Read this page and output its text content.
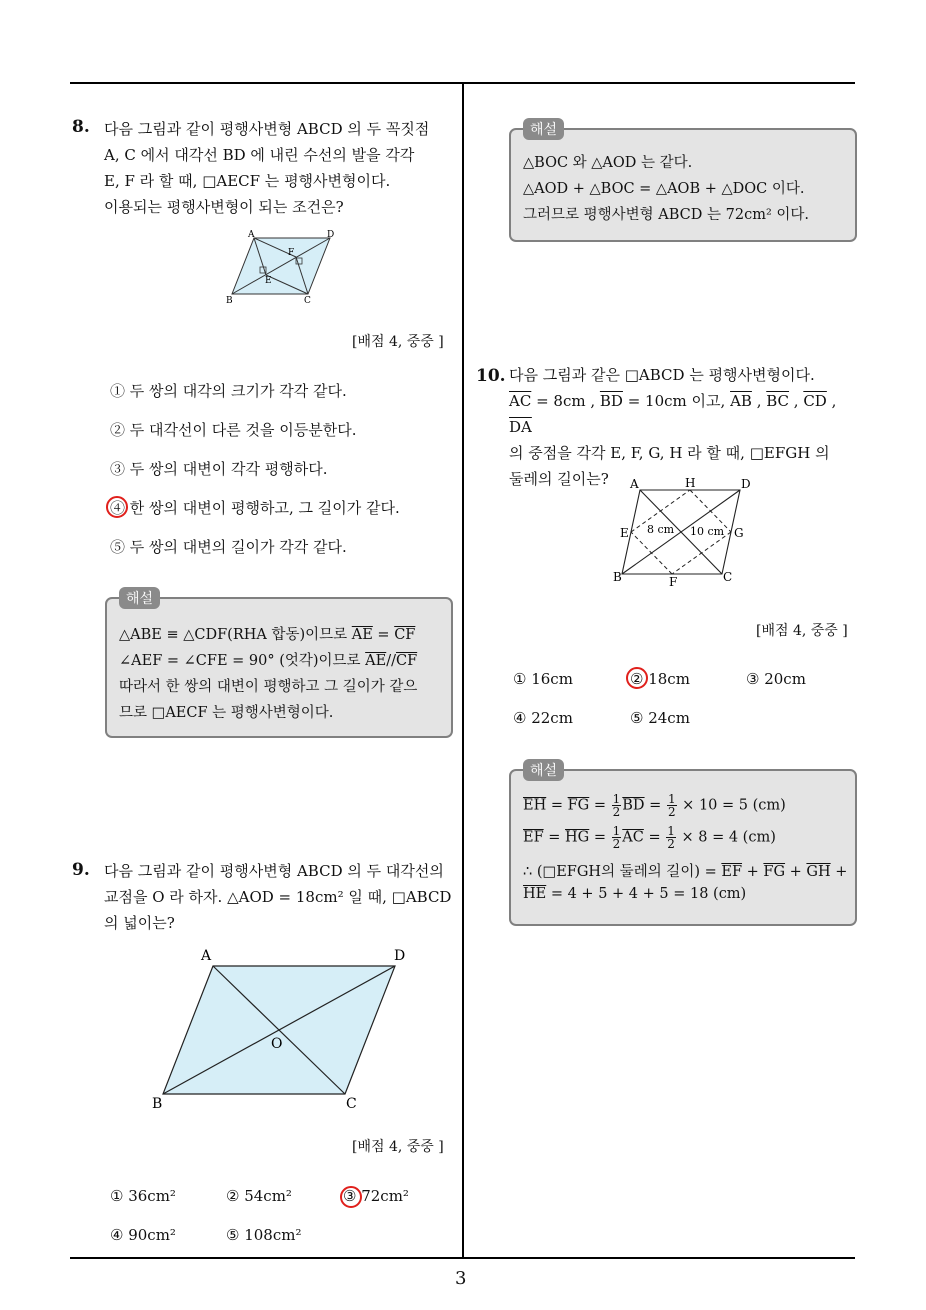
3
8. 다음 그림과 같이 평행사변형 ABCD 의 두 꼭짓점

A, C 에서 대각선 BD 에 내린 수선의 발을 각각

E, F 라 할 때, □AECF 는 평행사변형이다.

이용되는 평행사변형이 되는 조건은?

A	D
B	C
E
F
[배점 4, 중중 ]
① 두 쌍의 대각의 크기가 각각 같다.
② 두 대각선이 다른 것을 이등분한다.
③ 두 쌍의 대변이 각각 평행하다.
④ 한 쌍의 대변이 평행하고, 그 길이가 같다.
⑤ 두 쌍의 대변의 길이가 각각 같다.
해설
△ABE ≡ △CDF(RHA 합동)이므로 $\overline{AE} = \overline{CF}$
∠AEF = ∠CFE = 90° (엇각)이므로 $\overline{AE}//\overline{CF}$
따라서 한 쌍의 대변이 평행하고 그 길이가 같으
므로 □AECF 는 평행사변형이다.
9. 다음 그림과 같이 평행사변형 ABCD 의 두 대각선의

교점을 O 라 하자. △AOD = 18cm² 일 때, □ABCD

의 넓이는?

A	D
B	C
O
[배점 4, 중중 ]
① 36cm²	② 54cm²	③ 72cm²
④ 90cm²	⑤ 108cm²
해설
△BOC 와 △AOD 는 같다.
△AOD + △BOC = △AOB + △DOC 이다.
그러므로 평행사변형 ABCD 는 72cm² 이다.
10. 다음 그림과 같은 □ABCD 는 평행사변형이다.

$\overline{AC} = 8cm$ , $\overline{BD} = 10cm$ 이고, $\overline{AB}$ , $\overline{BC}$ , $\overline{CD}$ , $\overline{DA}$

의 중점을 각각 E, F, G, H 라 할 때, □EFGH 의

둘레의 길이는?	A	H	D
E	G
B	F	C
8 cm 10 cm
[배점 4, 중중 ]
① 16cm	② 18cm	③ 20cm
④ 22cm	⑤ 24cm
해설
$\overline{EH} = \overline{FG} = \frac{1}{2} \overline{BD} = \frac{1}{2} \times 10 = 5$ (cm)
$\overline{EF} = \overline{HG} = \frac{1}{2} \overline{AC} = \frac{1}{2} \times 8 = 4$ (cm)
∴ (□EFGH의 둘레의 길이) = $\overline{EF} + \overline{FG} + \overline{GH}$ +
$\overline{HE} = 4 + 5 + 4 + 5 = 18$ (cm)
